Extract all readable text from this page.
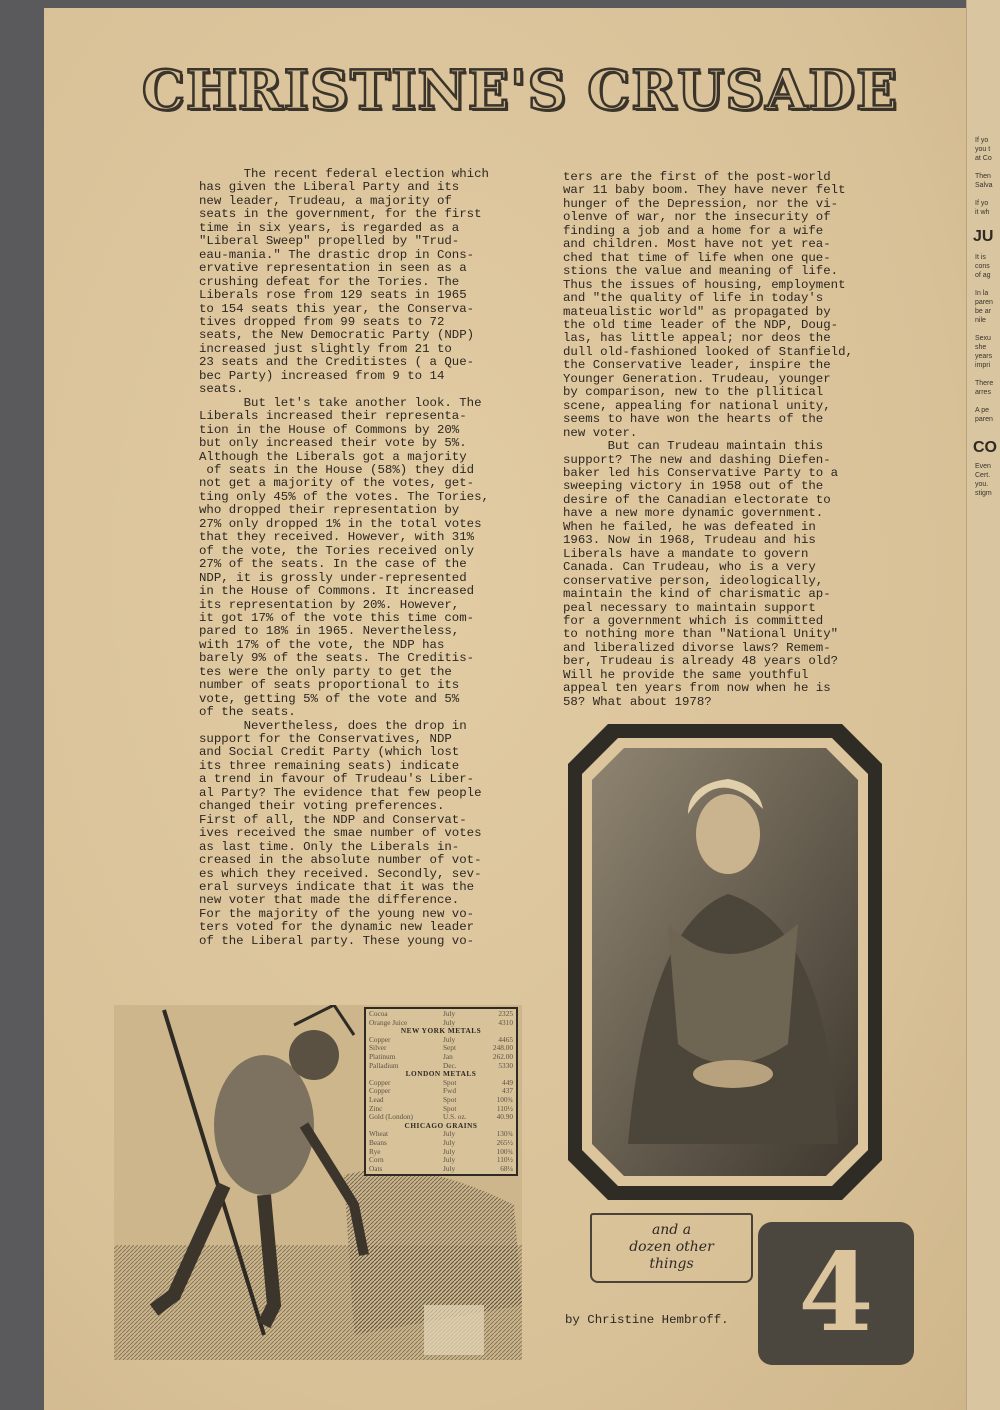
If yo
you t
at Co
Then
Salva
If yo
it wh
JU
It is
cons
of ag
In la
paren
be ar
nile
Sexu
she
years
impri
There
arres
A pe
paren
CO
Even
Cert.
you.
stigm
CHRISTINE'S CRUSADE
The recent federal election which
has given the Liberal Party and its
new leader, Trudeau, a majority of
seats in the government, for the first
time in six years, is regarded as a
"Liberal Sweep" propelled by "Trud-
eau-mania." The drastic drop in Cons-
ervative representation in seen as a
crushing defeat for the Tories. The
Liberals rose from 129 seats in 1965
to 154 seats this year, the Conserva-
tives dropped from 99 seats to 72
seats, the New Democratic Party (NDP)
increased just slightly from 21 to
23 seats and the Creditistes ( a Que-
bec Party) increased from 9 to 14
seats.
But let's take another look. The
Liberals increased their representa-
tion in the House of Commons by 20%
but only increased their vote by 5%.
Although the Liberals got a majority
of seats in the House (58%) they did
not get a majority of the votes, get-
ting only 45% of the votes. The Tories,
who dropped their representation by
27% only dropped 1% in the total votes
that they received. However, with 31%
of the vote, the Tories received only
27% of the seats. In the case of the
NDP, it is grossly under-represented
in the House of Commons. It increased
its representation by 20%. However,
it got 17% of the vote this time com-
pared to 18% in 1965. Nevertheless,
with 17% of the vote, the NDP has
barely 9% of the seats. The Creditis-
tes were the only party to get the
number of seats proportional to its
vote, getting 5% of the vote and 5%
of the seats.
Nevertheless, does the drop in
support for the Conservatives, NDP
and Social Credit Party (which lost
its three remaining seats) indicate
a trend in favour of Trudeau's Liber-
al Party? The evidence that few people
changed their voting preferences.
First of all, the NDP and Conservat-
ives received the smae number of votes
as last time. Only the Liberals in-
creased in the absolute number of vot-
es which they received. Secondly, sev-
eral surveys indicate that it was the
new voter that made the difference.
For the majority of the young new vo-
ters voted for the dynamic new leader
of the Liberal party. These young vo-
ters are the first of the post-world
war 11 baby boom. They have never felt
hunger of the Depression, nor the vi-
olenve of war, nor the insecurity of
finding a job and a home for a wife
and children. Most have not yet rea-
ched that time of life when one que-
stions the value and meaning of life.
Thus the issues of housing, employment
and "the quality of life in today's
mateualistic world" as propagated by
the old time leader of the NDP, Doug-
las, has little appeal; nor deos the
dull old-fashioned looked of Stanfield,
the Conservative leader, inspire the
Younger Generation. Trudeau, younger
by comparison, new to the pllitical
scene, appealing for national unity,
seems to have won the hearts of the
new voter.
But can Trudeau maintain this
support? The new and dashing Diefen-
baker led his Conservative Party to a
sweeping victory in 1958 out of the
desire of the Canadian electorate to
have a new more dynamic government.
When he failed, he was defeated in
1963. Now in 1968, Trudeau and his
Liberals have a mandate to govern
Canada. Can Trudeau, who is a very
conservative person, ideologically,
maintain the kind of charismatic ap-
peal necessary to maintain support
for a government which is committed
to nothing more than "National Unity"
and liberalized divorse laws? Remem-
ber, Trudeau is already 48 years old?
Will he provide the same youthful
appeal ten years from now when he is
58? What about 1978?
Cocoa	July	2325
Orange Juice	July	4310
NEW YORK METALS
Copper	July	4465
Silver	Sept	248.00
Platinum	Jan	262.00
Palladium	Dec.	5330
LONDON METALS
Copper	Spot	449
Copper	Fwd	437
Lead	Spot	100¾
Zinc	Spot	110½
Gold (London)	U.S. oz.	40.90
CHICAGO GRAINS
Wheat	July	130¾
Beans	July	265½
Rye	July	100¾
Corn	July	110½
Oats	July	68¼
and a
dozen other
things
by Christine Hembroff. 4
